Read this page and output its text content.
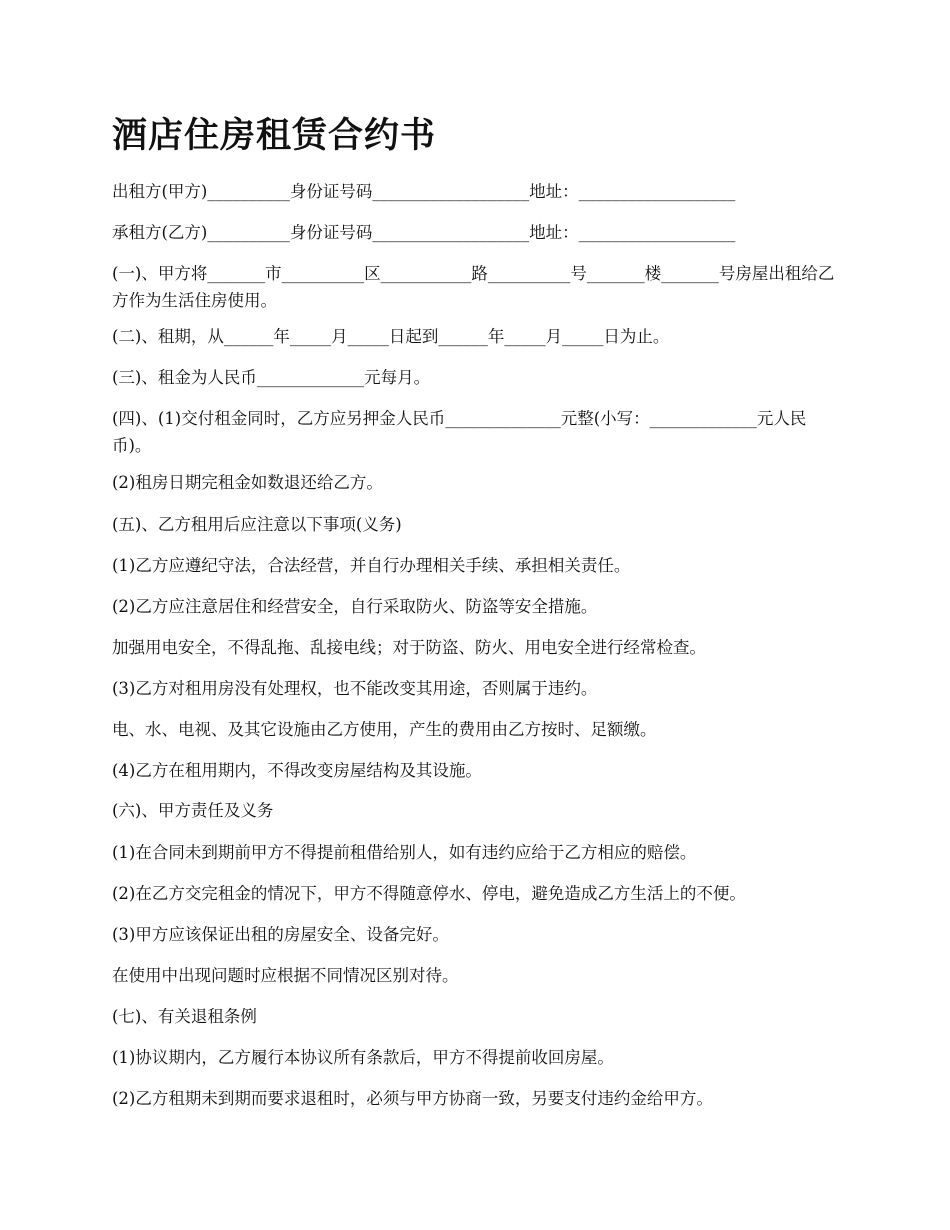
酒店住房租赁合约书

出租方(甲方)__________身份证号码___________________地址：___________________

承租方(乙方)__________身份证号码___________________地址：___________________

(一)、甲方将_______市__________区___________路__________号_______楼_______号房屋出租给乙方作为生活住房使用。

(二)、租期，从______年_____月_____日起到______年_____月_____日为止。

(三)、租金为人民币_____________元每月。

(四)、(1)交付租金同时，乙方应另押金人民币______________元整(小写：_____________元人民币)。

(2)租房日期完租金如数退还给乙方。

(五)、乙方租用后应注意以下事项(义务)

(1)乙方应遵纪守法，合法经营，并自行办理相关手续、承担相关责任。

(2)乙方应注意居住和经营安全，自行采取防火、防盗等安全措施。

加强用电安全，不得乱拖、乱接电线；对于防盗、防火、用电安全进行经常检查。

(3)乙方对租用房没有处理权，也不能改变其用途，否则属于违约。

电、水、电视、及其它设施由乙方使用，产生的费用由乙方按时、足额缴。

(4)乙方在租用期内，不得改变房屋结构及其设施。

(六)、甲方责任及义务

(1)在合同未到期前甲方不得提前租借给别人，如有违约应给于乙方相应的赔偿。

(2)在乙方交完租金的情况下，甲方不得随意停水、停电，避免造成乙方生活上的不便。

(3)甲方应该保证出租的房屋安全、设备完好。

在使用中出现问题时应根据不同情况区别对待。

(七)、有关退租条例

(1)协议期内，乙方履行本协议所有条款后，甲方不得提前收回房屋。

(2)乙方租期未到期而要求退租时，必须与甲方协商一致，另要支付违约金给甲方。
